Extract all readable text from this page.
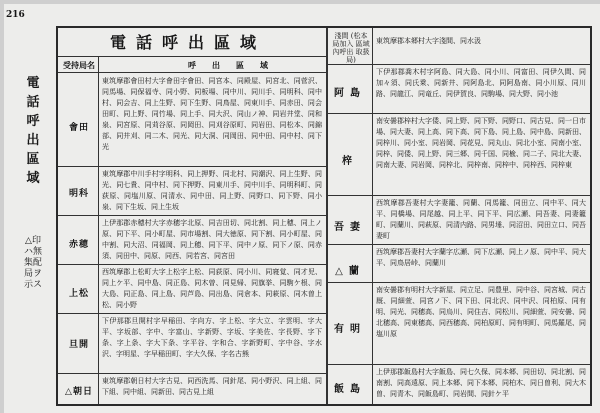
216
電話呼出區域
△印ハ無集配局ヲ示ス
電話呼出區域
受持局名	呼　出　區　域
淺間 (松本局加入 區域內呼出 取扱局)
東筑摩郡本郷村大字淺間、同水汲
會田
東筑摩郡會田村大字會田字會田、同宮本、同殿屋、同宮北、同菅沢、同馬場、同保福寺、同小野、同板場、同中川、同川手、同明科、同中村、同会吉、同上生野、同下生野、同鳥屋、同東川手、同赤田、同会田町、同上野、同竹場、同上手、同大沢、同山ノ神、同岩井堂、同和泉、同宮原、同苅谷原、同岡田、同刈谷原町、同岩田、同松本、同錦部、同井刈、同二木、同光、同大洞、同岡田、同中田、同中村、同下光
明科
東筑摩郡中川手村字明科、同上押野、同北村、同潮沢、同上生野、同光、同七貴、同中村、同下押野、同東川手、同中川手、同明科町、同荻原、同塩川原、同清水、同中田、同上野、同野口、同下野、同小泉、同下生坂、同上生坂
赤穂
上伊那郡赤穂村大字赤穂字北原、同吉田切、同北割、同上穂、同上ノ原、同下平、同小町屋、同市場割、同大徳原、同下割、同小町屋、同中割、同大沼、同福岡、同上穂、同下平、同中ノ原、同下ノ原、同赤須、同田中、同原、同西、同若宮、同宮田
上松
西筑摩郡上松町大字上松字上松、同荻原、同小川、同寝覚、同才児、同上ケ平、同中島、同正島、同木曾、同見帰、同旗挙、同駒ケ根、同大島、同正島、同上島、同芦島、同出島、同倉本、同萩原、同木曽上松、同小野
旦開
下伊那郡旦開村字早稲田、字向方、字上松、字大立、字雲明、字大平、字坂部、字中、字富山、字新野、字坂、字美佐、字長野、字下条、字上条、字大下条、字平谷、字和合、字新野町、字中谷、字水沢、字明星、字早稲田町、字大久保、字名古熊
△朝日
東筑摩郡朝日村大字古見、同西洗馬、同針尾、同小野沢、同上組、同下組、同中組、同新田、同古見上組
阿島
下伊那郡喬木村字阿島、同大島、同小川、同富田、同伊久間、同加々須、同氏乗、同新井、同阿島北、同阿島南、同小川原、同川路、同龍江、同竜丘、同伊賀良、同駒場、同大野、同小池
梓
南安曇郡梓村大字倭、同上野、同下野、同野口、同古見、同一日市場、同大妻、同上高、同下高、同下島、同上島、同中島、同新田、同梓川、同小室、同岩岡、同花見、同丸山、同北小室、同南小室、同梓、同倭、同上野、同三郷、同千国、同楡、同二子、同北大妻、同南大妻、同岩岡、同梓北、同梓南、同梓中、同梓西、同梓東
吾妻
西筑摩郡吾妻村大字妻籠、同蘭、同馬籠、同田立、同中平、同大平、同橋場、同尾越、同上平、同下平、同広瀬、同吾妻、同妻籠町、同蘭川、同萩原、同清内路、同男埵、同沼田、同田立口、同吾妻町
△蘭
西筑摩郡吾妻村大字蘭字広瀬、同下広瀬、同上ノ原、同中平、同大平、同鳥居峠、同蘭川
有明
南安曇郡有明村大字新屋、同立足、同豊里、同中谷、同宮城、同古厩、同細萱、同宮ノ下、同下田、同北沢、同中沢、同柏原、同有明、同光、同穂高、同烏川、同住吉、同松川、同細萱、同安曇、同北穂高、同東穂高、同西穂高、同柏原町、同有明町、同馬羅尾、同塩川原
飯島
上伊那郡飯島村大字飯島、同七久保、同本郷、同田切、同北割、同南割、同高遠原、同上本郷、同下本郷、同柏木、同日曽利、同大木曽、同青木、同飯島町、同岩間、同針ケ平
